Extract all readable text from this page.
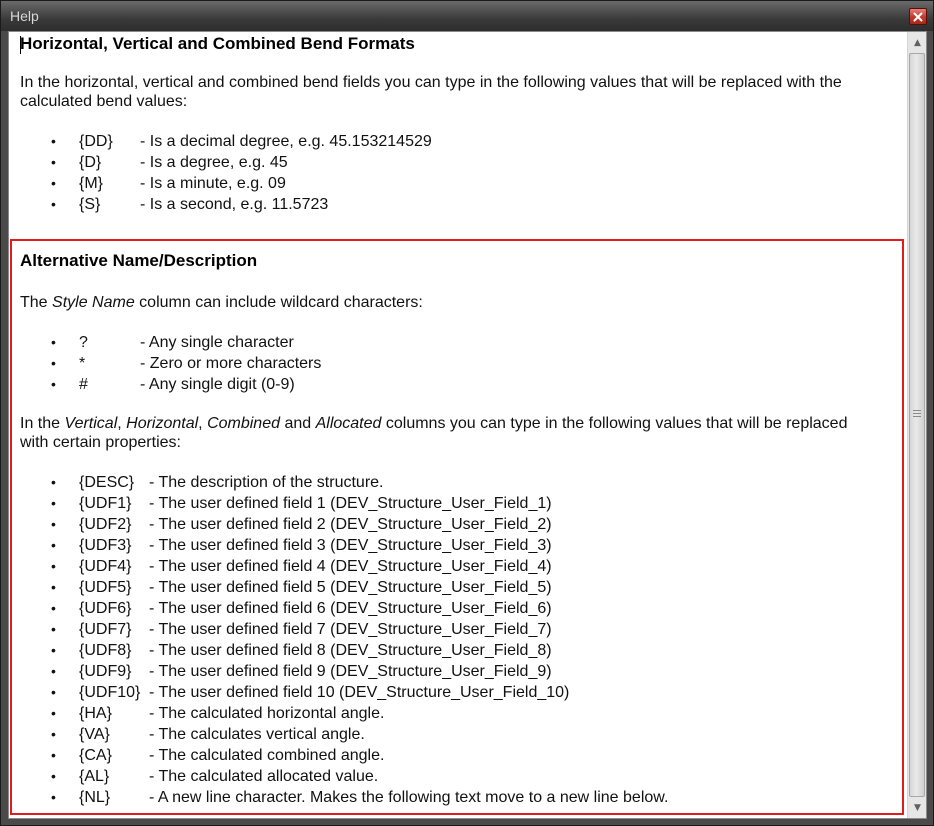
Help
Horizontal, Vertical and Combined Bend Formats

In the horizontal, vertical and combined bend fields you can type in the following values that will be replaced with the calculated bend values:

• {DD} - Is a decimal degree, e.g. 45.153214529
• {D} - Is a degree, e.g. 45
• {M} - Is a minute, e.g. 09
• {S} - Is a second, e.g. 11.5723
Alternative Name/Description

The Style Name column can include wildcard characters:

• ?	- Any single character
• *	- Zero or more characters
• #	- Any single digit (0-9)

In the Vertical, Horizontal, Combined and Allocated columns you can type in the following values that will be replaced with certain properties:

• {DESC} - The description of the structure.
• {UDF1} - The user defined field 1 (DEV_Structure_User_Field_1)
• {UDF2} - The user defined field 2 (DEV_Structure_User_Field_2)
• {UDF3} - The user defined field 3 (DEV_Structure_User_Field_3)
• {UDF4} - The user defined field 4 (DEV_Structure_User_Field_4)
• {UDF5} - The user defined field 5 (DEV_Structure_User_Field_5)
• {UDF6} - The user defined field 6 (DEV_Structure_User_Field_6)
• {UDF7} - The user defined field 7 (DEV_Structure_User_Field_7)
• {UDF8} - The user defined field 8 (DEV_Structure_User_Field_8)
• {UDF9} - The user defined field 9 (DEV_Structure_User_Field_9)
• {UDF10} - The user defined field 10 (DEV_Structure_User_Field_10)
• {HA} - The calculated horizontal angle.
• {VA} - The calculates vertical angle.
• {CA} - The calculated combined angle.
• {AL} - The calculated allocated value.
• {NL} - A new line character. Makes the following text move to a new line below.
▲
▼
